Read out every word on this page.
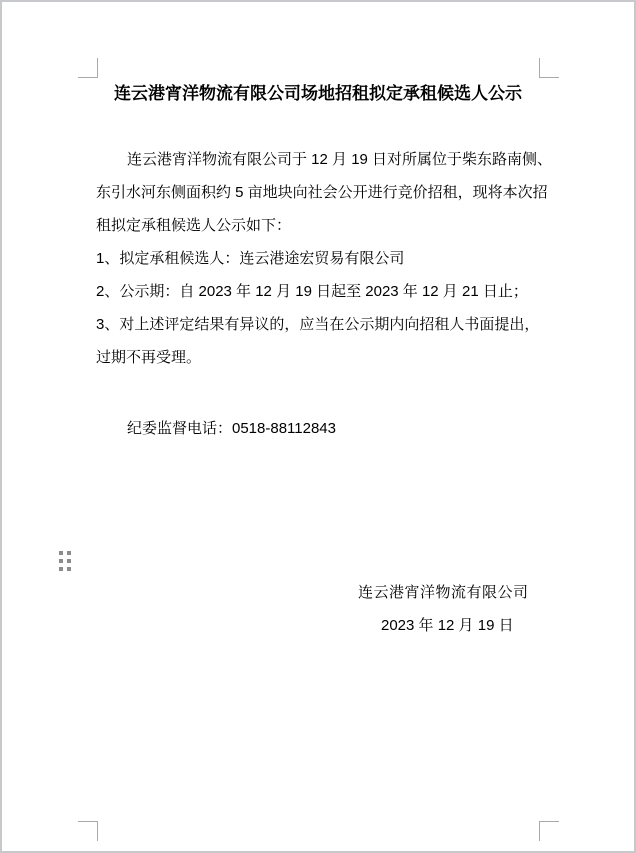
连云港宵洋物流有限公司场地招租拟定承租候选人公示

连云港宵洋物流有限公司于 12 月 19 日对所属位于柴东路南侧、

东引水河东侧面积约 5 亩地块向社会公开进行竞价招租，现将本次招

租拟定承租候选人公示如下：

1、拟定承租候选人：连云港途宏贸易有限公司

2、公示期：自 2023 年 12 月 19 日起至 2023 年 12 月 21 日止；

3、对上述评定结果有异议的，应当在公示期内向招租人书面提出，

过期不再受理。

纪委监督电话：0518-88112843

连云港宵洋物流有限公司

2023 年 12 月 19 日
